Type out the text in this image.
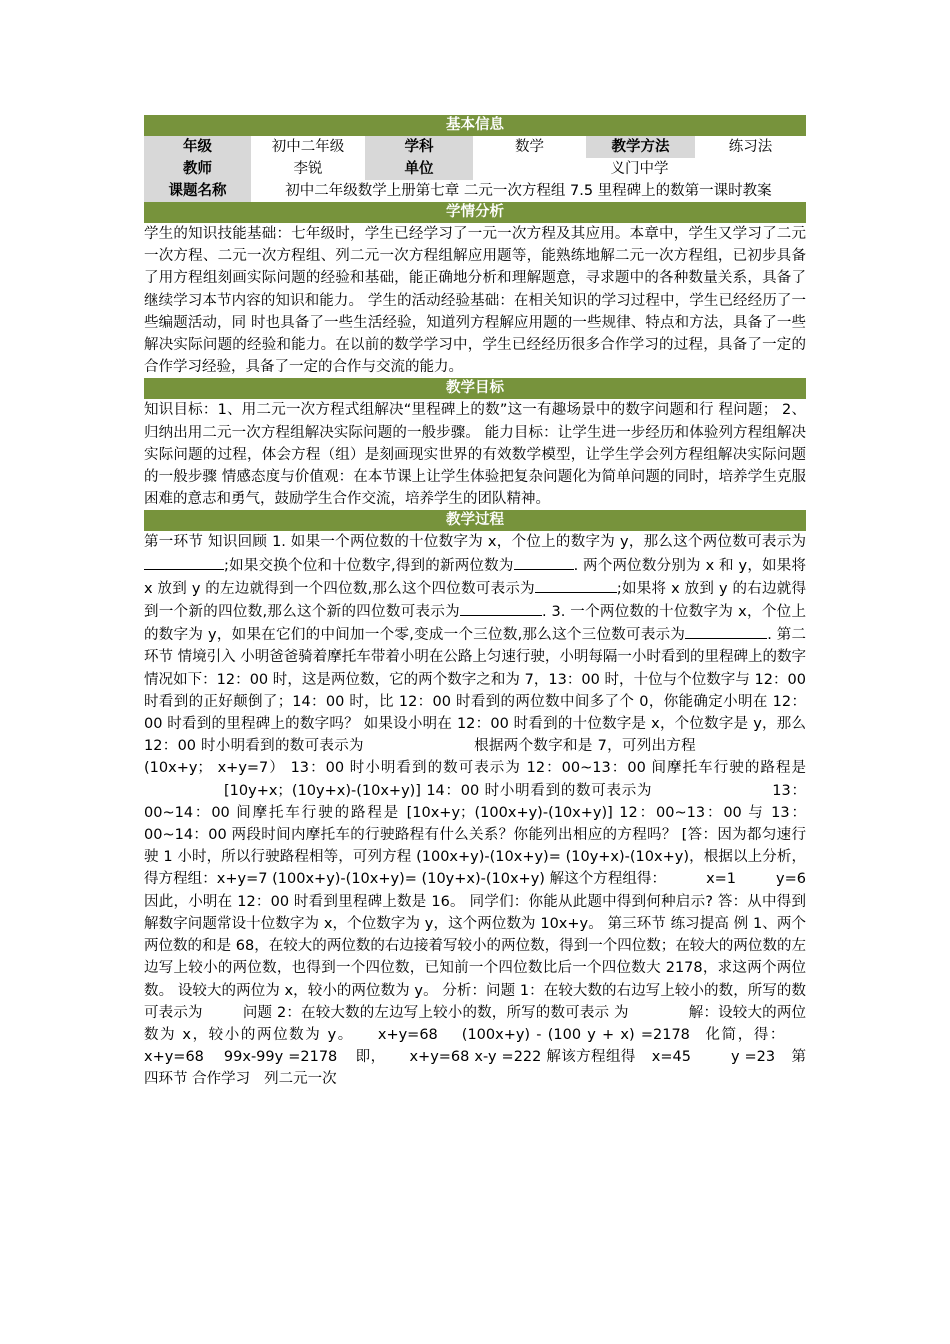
基本信息
年级	初中二年级	学科	数学	教学方法	练习法
教师	李锐	单位	义门中学
课题名称	初中二年级数学上册第七章 二元一次方程组 7.5 里程碑上的数第一课时教案
学情分析

学生的知识技能基础：七年级时，学生已经学习了一元一次方程及其应用。本章中，学生又学习了二元一次方程、二元一次方程组、列二元一次方程组解应用题等，能熟练地解二元一次方程组，已初步具备了用方程组刻画实际问题的经验和基础，能正确地分析和理解题意，寻求题中的各种数量关系，具备了继续学习本节内容的知识和能力。 学生的活动经验基础：在相关知识的学习过程中，学生已经经历了一些编题活动，同 时也具备了一些生活经验，知道列方程解应用题的一些规律、特点和方法，具备了一些解决实际问题的经验和能力。在以前的数学学习中，学生已经经历很多合作学习的过程，具备了一定的合作学习经验，具备了一定的合作与交流的能力。

教学目标

知识目标：1、用二元一次方程式组解决“里程碑上的数”这一有趣场景中的数字问题和行 程问题； 2、归纳出用二元一次方程组解决实际问题的一般步骤。 能力目标：让学生进一步经历和体验列方程组解决实际问题的过程，体会方程（组）是刻画现实世界的有效数学模型，让学生学会列方程组解决实际问题的一般步骤 情感态度与价值观：在本节课上让学生体验把复杂问题化为简单问题的同时，培养学生克服困难的意志和勇气，鼓励学生合作交流，培养学生的团队精神。

教学过程

第一环节 知识回顾 1. 如果一个两位数的十位数字为 x，个位上的数字为 y，那么这个两位数可表示为;如果交换个位和十位数字,得到的新两位数为	. 两个两位数分别为 x 和 y，如果将 x 放到 y 的左边就得到一个四位数,那么这个四位数可表示为	;如果将 x 放到 y 的右边就得到一个新的四位数,那么这个新的四位数可表示为	. 3. 一个两位数的十位数字为 x，个位上的数字为 y，如果在它们的中间加一个零,变成一个三位数,那么这个三位数可表示为	. 第二环节 情境引入 小明爸爸骑着摩托车带着小明在公路上匀速行驶，小明每隔一小时看到的里程碑上的数字情况如下：12：00 时，这是两位数，它的两个数字之和为 7，13：00 时，十位与个位数字与 12：00 时看到的正好颠倒了；14：00 时，比 12：00 时看到的两位数中间多了个 0，你能确定小明在 12：00 时看到的里程碑上的数字吗？ 如果设小明在 12：00 时看到的十位数字是 x，个位数字是 y，那么 12：00 时小明看到的数可表示为	根据两个数字和是 7，可列出方程(10x+y； x+y=7） 13：00 时小明看到的数可表示为 12：00~13：00 间摩托车行驶的路程是[10y+x；(10y+x)-(10x+y)] 14：00 时小明看到的数可表示为	13：00~14：00 间摩托车行驶的路程是 [10x+y；(100x+y)-(10x+y)] 12：00~13：00 与 13：00~14：00 两段时间内摩托车的行驶路程有什么关系？你能列出相应的方程吗？ [答：因为都匀速行驶 1 小时，所以行驶路程相等，可列方程 (100x+y)-(10x+y)= (10y+x)-(10x+y)，根据以上分析，得方程组：x+y=7 (100x+y)-(10x+y)= (10y+x)-(10x+y) 解这个方程组得：	x=1	y=6 因此，小明在 12：00 时看到里程碑上数是 16。 同学们：你能从此题中得到何种启示? 答：从中得到解数字问题常设十位数字为 x，个位数字为 y，这个两位数为 10x+y。 第三环节 练习提高 例 1、两个两位数的和是 68，在较大的两位数的右边接着写较小的两位数，得到一个四位数；在较大的两位数的左边写上较小的两位数，也得到一个四位数，已知前一个四位数比后一个四位数大 2178，求这两个两位数。 设较大的两位为 x，较小的两位数为 y。 分析：问题 1：在较大数的右边写上较小的数，所写的数可表示为	问题 2：在较大数的左边写上较小的数，所写的数可表示 为	解：设较大的两位数为 x，较小的两位数为 y。 x+y=68 (100x+y) - (100 y + x) =2178 化简，得：x+y=68 99x-99y =2178 即， x+y=68 x-y =222 解该方程组得 x=45	y =23 第四环节 合作学习 列二元一次
